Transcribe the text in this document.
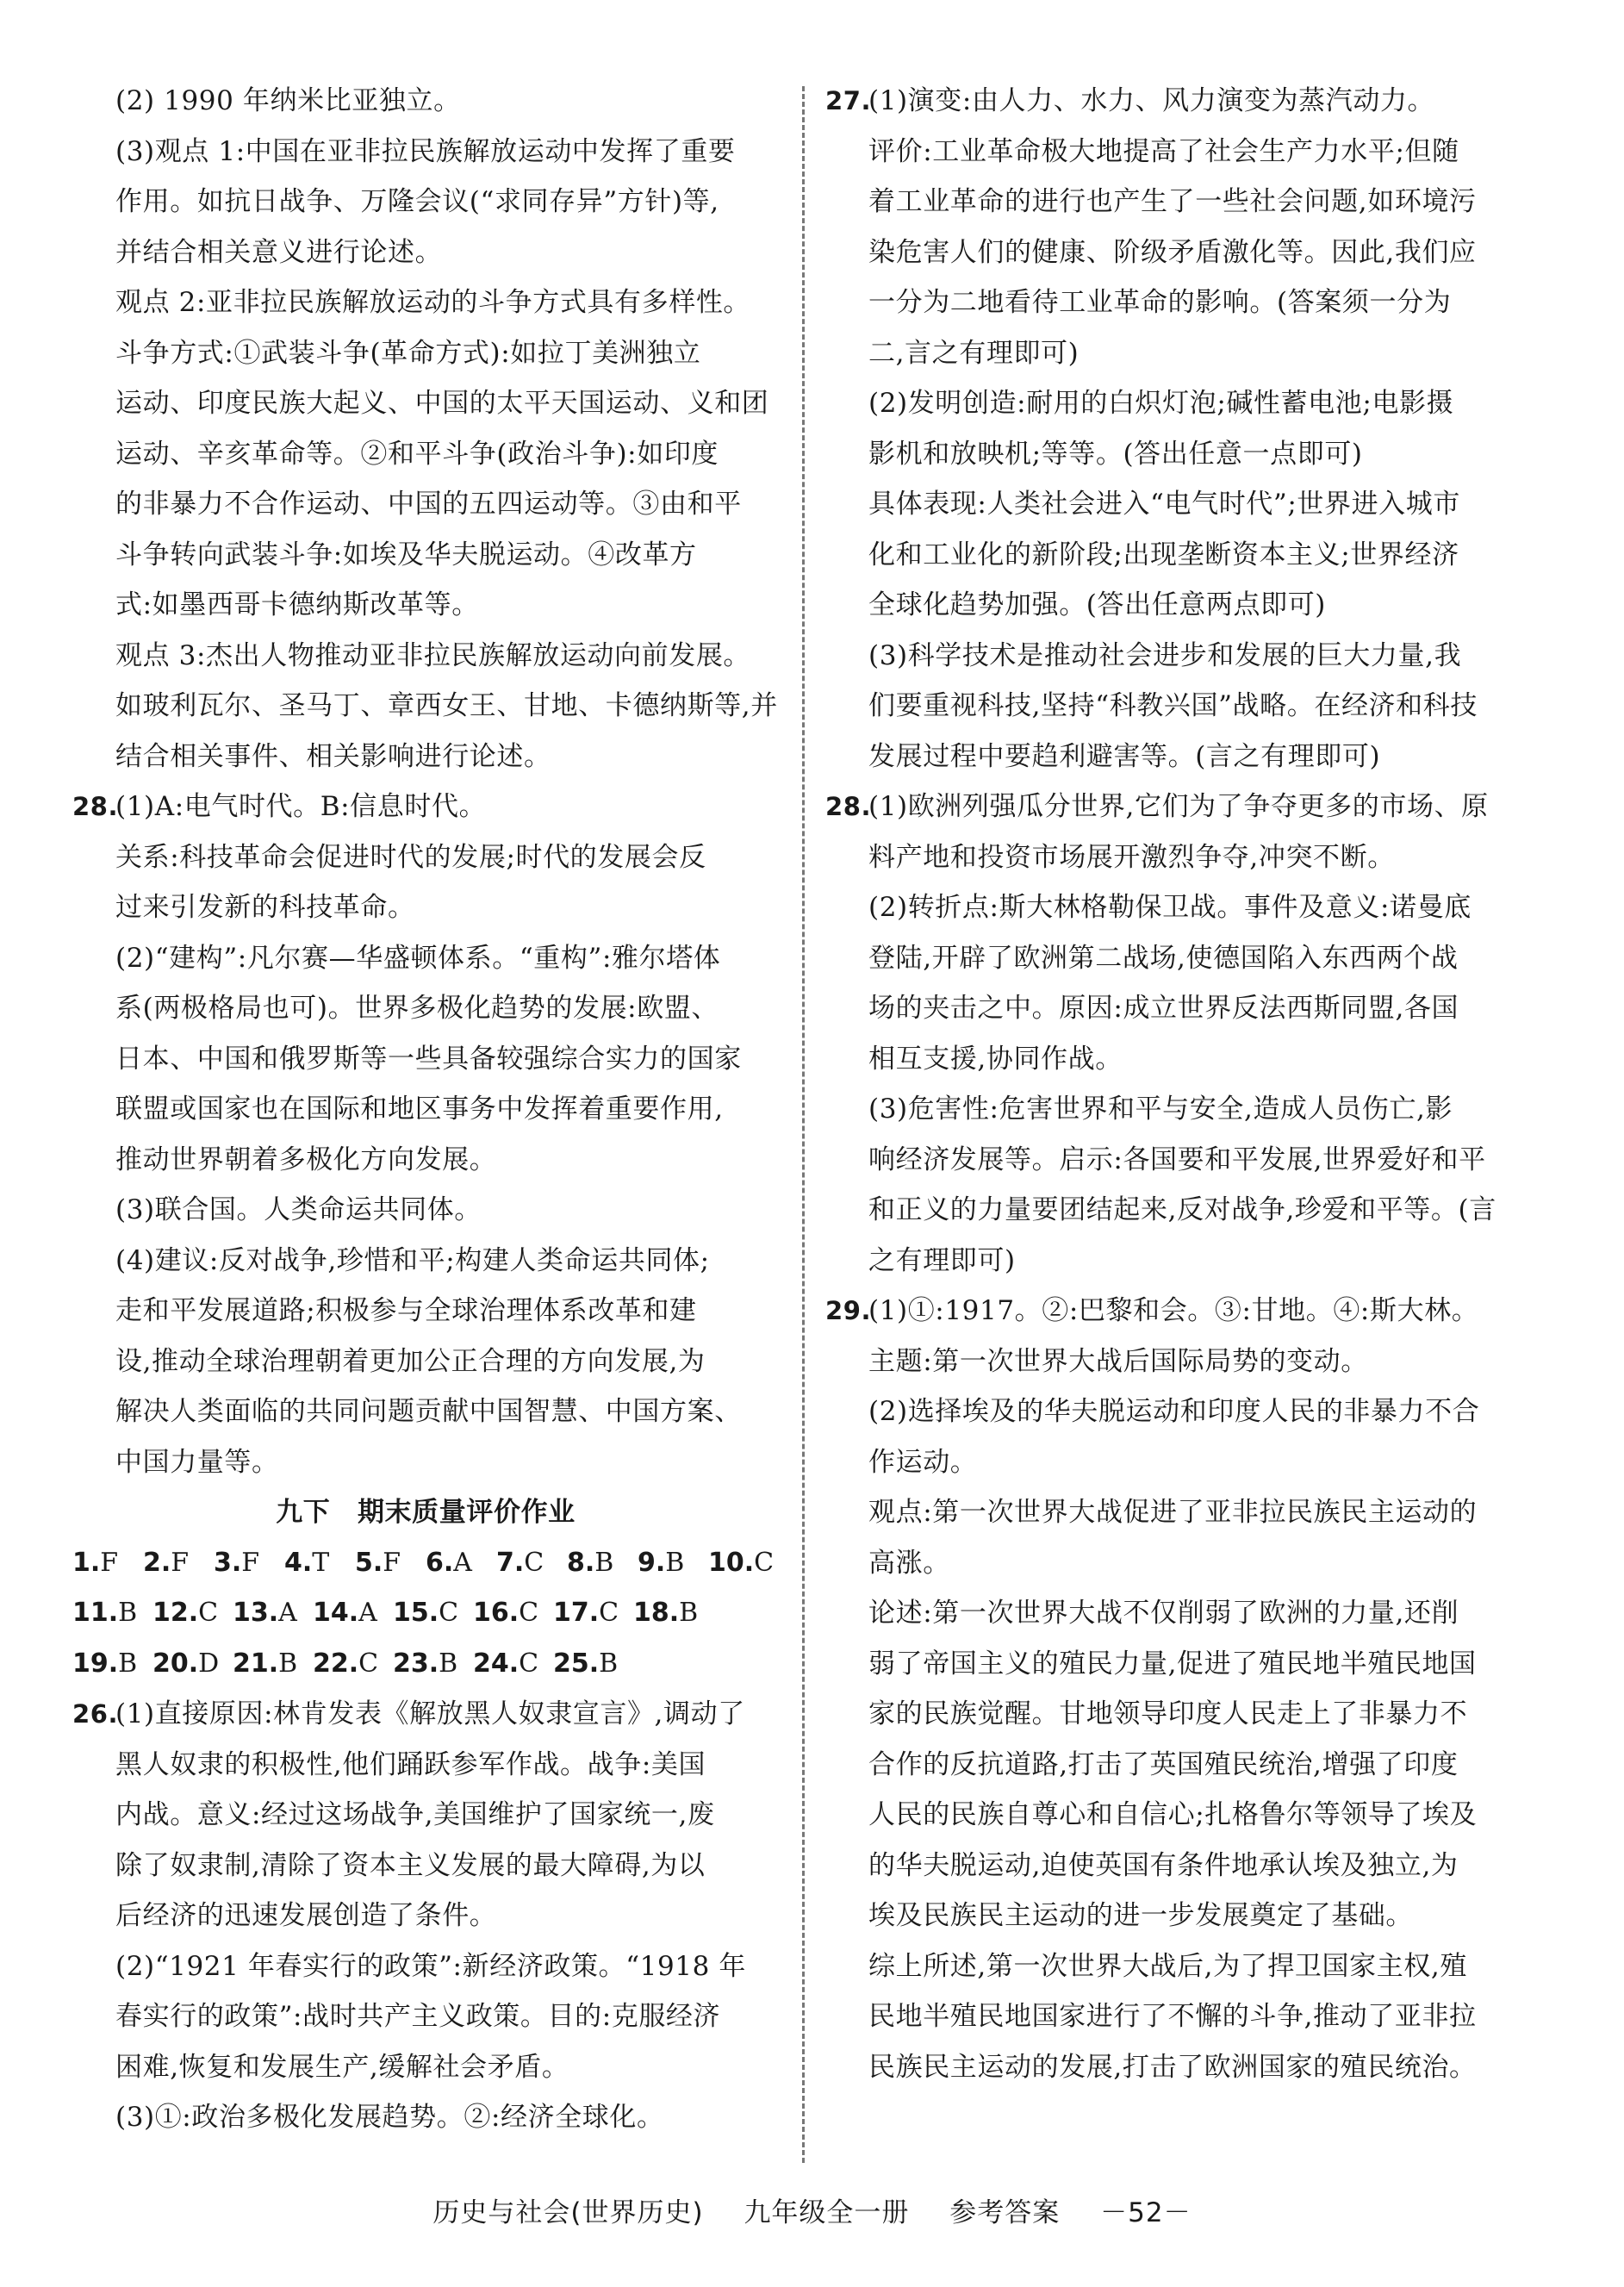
(2) 1990 年纳米比亚独立。
(3)观点 1:中国在亚非拉民族解放运动中发挥了重要
作用。如抗日战争、万隆会议(“求同存异”方针)等,
并结合相关意义进行论述。
观点 2:亚非拉民族解放运动的斗争方式具有多样性。
斗争方式:①武装斗争(革命方式):如拉丁美洲独立
运动、印度民族大起义、中国的太平天国运动、义和团
运动、辛亥革命等。②和平斗争(政治斗争):如印度
的非暴力不合作运动、中国的五四运动等。③由和平
斗争转向武装斗争:如埃及华夫脱运动。④改革方
式:如墨西哥卡德纳斯改革等。
观点 3:杰出人物推动亚非拉民族解放运动向前发展。
如玻利瓦尔、圣马丁、章西女王、甘地、卡德纳斯等,并
结合相关事件、相关影响进行论述。
28.(1)A:电气时代。B:信息时代。
关系:科技革命会促进时代的发展;时代的发展会反
过来引发新的科技革命。
(2)“建构”:凡尔赛—华盛顿体系。“重构”:雅尔塔体
系(两极格局也可)。世界多极化趋势的发展:欧盟、
日本、中国和俄罗斯等一些具备较强综合实力的国家
联盟或国家也在国际和地区事务中发挥着重要作用,
推动世界朝着多极化方向发展。
(3)联合国。人类命运共同体。
(4)建议:反对战争,珍惜和平;构建人类命运共同体;
走和平发展道路;积极参与全球治理体系改革和建
设,推动全球治理朝着更加公正合理的方向发展,为
解决人类面临的共同问题贡献中国智慧、中国方案、
中国力量等。
九下　期末质量评价作业
1.F 2.F 3.F 4.T 5.F 6.A 7.C 8.B 9.B 10.C
11.B 12.C 13.A 14.A 15.C 16.C 17.C 18.B
19.B 20.D 21.B 22.C 23.B 24.C 25.B
26.(1)直接原因:林肯发表《解放黑人奴隶宣言》,调动了
黑人奴隶的积极性,他们踊跃参军作战。战争:美国
内战。意义:经过这场战争,美国维护了国家统一,废
除了奴隶制,清除了资本主义发展的最大障碍,为以
后经济的迅速发展创造了条件。
(2)“1921 年春实行的政策”:新经济政策。“1918 年
春实行的政策”:战时共产主义政策。目的:克服经济
困难,恢复和发展生产,缓解社会矛盾。
(3)①:政治多极化发展趋势。②:经济全球化。
27.(1)演变:由人力、水力、风力演变为蒸汽动力。
评价:工业革命极大地提高了社会生产力水平;但随
着工业革命的进行也产生了一些社会问题,如环境污
染危害人们的健康、阶级矛盾激化等。因此,我们应
一分为二地看待工业革命的影响。(答案须一分为
二,言之有理即可)
(2)发明创造:耐用的白炽灯泡;碱性蓄电池;电影摄
影机和放映机;等等。(答出任意一点即可)
具体表现:人类社会进入“电气时代”;世界进入城市
化和工业化的新阶段;出现垄断资本主义;世界经济
全球化趋势加强。(答出任意两点即可)
(3)科学技术是推动社会进步和发展的巨大力量,我
们要重视科技,坚持“科教兴国”战略。在经济和科技
发展过程中要趋利避害等。(言之有理即可)
28.(1)欧洲列强瓜分世界,它们为了争夺更多的市场、原
料产地和投资市场展开激烈争夺,冲突不断。
(2)转折点:斯大林格勒保卫战。事件及意义:诺曼底
登陆,开辟了欧洲第二战场,使德国陷入东西两个战
场的夹击之中。原因:成立世界反法西斯同盟,各国
相互支援,协同作战。
(3)危害性:危害世界和平与安全,造成人员伤亡,影
响经济发展等。启示:各国要和平发展,世界爱好和平
和正义的力量要团结起来,反对战争,珍爱和平等。(言
之有理即可)
29.(1)①:1917。②:巴黎和会。③:甘地。④:斯大林。
主题:第一次世界大战后国际局势的变动。
(2)选择埃及的华夫脱运动和印度人民的非暴力不合
作运动。
观点:第一次世界大战促进了亚非拉民族民主运动的
高涨。
论述:第一次世界大战不仅削弱了欧洲的力量,还削
弱了帝国主义的殖民力量,促进了殖民地半殖民地国
家的民族觉醒。甘地领导印度人民走上了非暴力不
合作的反抗道路,打击了英国殖民统治,增强了印度
人民的民族自尊心和自信心;扎格鲁尔等领导了埃及
的华夫脱运动,迫使英国有条件地承认埃及独立,为
埃及民族民主运动的进一步发展奠定了基础。
综上所述,第一次世界大战后,为了捍卫国家主权,殖
民地半殖民地国家进行了不懈的斗争,推动了亚非拉
民族民主运动的发展,打击了欧洲国家的殖民统治。
历史与社会(世界历史) 九年级全一册 参考答案 －52－
